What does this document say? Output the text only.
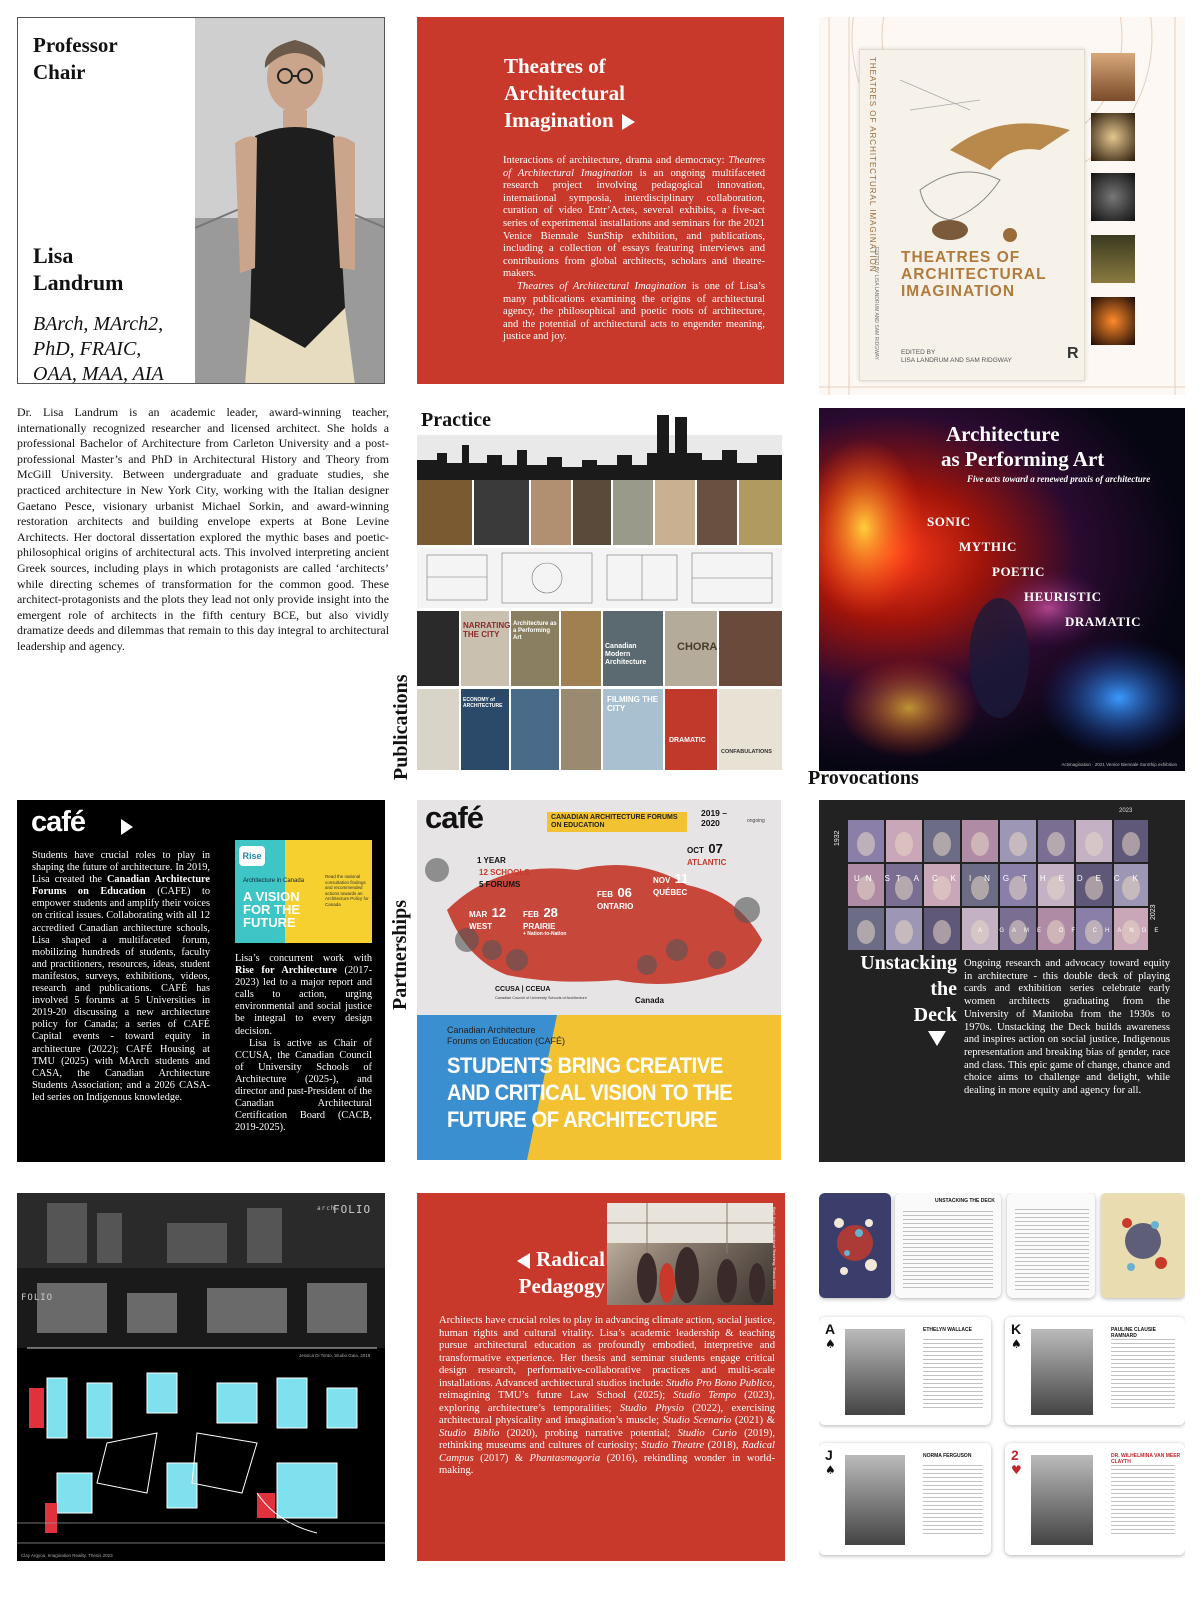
Professor
Chair
Lisa
Landrum
BArch, MArch2,
PhD, FRAIC,
OAA, MAA, AIA
Theatres of
Architectural
Imagination

Interactions of architecture, drama and democracy: Theatres of Architectural Imagination is an ongoing multifaceted research project involving pedagogical innovation, international symposia, interdisciplinary collaboration, curation of video Entr’Actes, several exhibits, a five-act series of experimental installations and seminars for the 2021 Venice Biennale SunShip exhibition, and publications, including a collection of essays featuring interviews and contributions from global architects, scholars and theatre-makers.

Theatres of Architectural Imagination is one of Lisa’s many publications examining the origins of architectural agency, the philosophical and poetic roots of architecture, and the potential of architectural acts to engender meaning, justice and joy.

THEATRES OF ARCHITECTURAL IMAGINATION
EDITED BY LISA LANDRUM AND SAM RIDGWAY THEATRES OF
ARCHITECTURAL
IMAGINATION
EDITED BY
LISA LANDRUM AND SAM RIDGWAY	R

Dr. Lisa Landrum is an academic leader, award-winning teacher, internationally recognized researcher and licensed architect. She holds a professional Bachelor of Architecture from Carleton University and a post-professional Master’s and PhD in Architectural History and Theory from McGill University. Between undergraduate and graduate studies, she practiced architecture in New York City, working with the Italian designer Gaetano Pesce, visionary urbanist Michael Sorkin, and award-winning restoration architects and building envelope experts at Bone Levine Architects. Her doctoral dissertation explored the mythic bases and poetic-philosophical origins of architectural acts. This involved interpreting ancient Greek sources, including plays in which protagonists are called ‘architects’ while directing schemes of transformation for the common good. These architect-protagonists and the plots they lead not only provide insight into the emergent role of architects in the fifth century BCE, but also vividly dramatize deeds and dilemmas that remain to this day integral to architectural leadership and agency.

Practice
NARRATING THE CITY
Architecture as a Performing Art
Canadian Modern Architecture
CHORA
FILMING THE CITY
ECONOMY of ARCHITECTURE
DRAMATIC
CONFABULATIONS
Publications
Architecture
as Performing Art
Five acts toward a renewed praxis of architecture
SONIC
MYTHIC
POETIC
HEURISTIC
DRAMATIC
Actimagination · 2021 Venice Biennale SunShip exhibition
Provocations
café
Students have crucial roles to play in shaping the future of architecture. In 2019, Lisa created the Canadian Architecture Forums on Education (CAFE) to empower students and amplify their voices on critical issues. Collaborating with all 12 accredited Canadian architecture schools, Lisa shaped a multifaceted forum, mobilizing hundreds of students, faculty and practitioners, resources, ideas, student manifestos, surveys, exhibitions, videos, research and publications. CAFÉ has involved 5 forums at 5 Universities in 2019-20 discussing a new architecture policy for Canada; a series of CAFÉ Capital events - toward equity in architecture (2022); CAFÉ Housing at TMU (2025) with MArch students and CASA, the Canadian Architecture Students Association; and a 2026 CASA-led series on Indigenous knowledge.
Rise
Architecture in Canada
A VISION FOR THE FUTURE
Read the national consultation findings and recommended actions towards an Architecture Policy for Canada

Lisa’s concurrent work with Rise for Architecture (2017-2023) led to a major report and calls to action, urging environmental and social justice be integral to every design decision.

Lisa is active as Chair of CCUSA, the Canadian Council of University Schools of Architecture (2025-), and director and past-President of the Canadian Architectural Certification Board (CACB, 2019-2025).

Partnerships
café	CANADIAN ARCHITECTURE FORUMS ON EDUCATION
2019 –2020	ongoing
1 YEAR
12 SCHOOLS
5 FORUMS
OCT 07
ATLANTIC
NOV 11
QUÉBEC
FEB 06
ONTARIO
FEB 28
PRAIRIE
+ Nation-to-Nation
MAR 12
WEST
CCUSA | CCEUA
Canadian Council of University Schools of Architecture	Canada
Canadian Architecture
Forums on Education (CAFÉ)
STUDENTS BRING CREATIVE
AND CRITICAL VISION TO THE
FUTURE OF ARCHITECTURE
1932
2023
UN ST A C K I N G T H E D E C K
A GAME OF CHANGE
2023
Unstacking
the
Deck
Ongoing research and advocacy toward equity in architecture - this double deck of playing cards and exhibition series celebrate early women architects graduating from the University of Manitoba from the 1930s to 1970s. Unstacking the Deck builds awareness and inspires action on social justice, Indigenous representation and breaking bias of gender, race and class. This epic game of change, chance and choice aims to challenge and delight, while dealing in more equity and agency for all.
FOLIO
arch
FOLIO
Jessica Di Tonto, Studio Gaia, 2019
Clay Argyou, Imagination Reality, Thesis 2023
Radical
Pedagogy	Bwd. Aya, Architectural Teaching, Thesis 2023
Architects have crucial roles to play in advancing climate action, social justice, human rights and cultural vitality. Lisa’s academic leadership & teaching pursue architectural education as profoundly embodied, interpretive and transformative experience. Her thesis and seminar students engage critical design research, performative-collaborative practices and multi-scale installations. Advanced architectural studios include: Studio Pro Bono Publico, reimagining TMU’s future Law School (2025); Studio Tempo (2023), exploring architecture’s temporalities; Studio Physio (2022), exercising architectural physicality and imagination’s muscle; Studio Scenario (2021) & Studio Biblio (2020), probing narrative potential; Studio Curio (2019), rethinking museums and cultures of curiosity; Studio Theatre (2018), Radical Campus (2017) & Phantasmagoria (2016), rekindling wonder in world-making.
UNSTACKING THE DECK
A
♠
ETHELYN WALLACE	K
♠
PAULINE CLAUSIE RAMNARD
J
♠
NORMA FERGUSON	2
♥
DR. WILHELMINA VAN MEER CLAYTH
